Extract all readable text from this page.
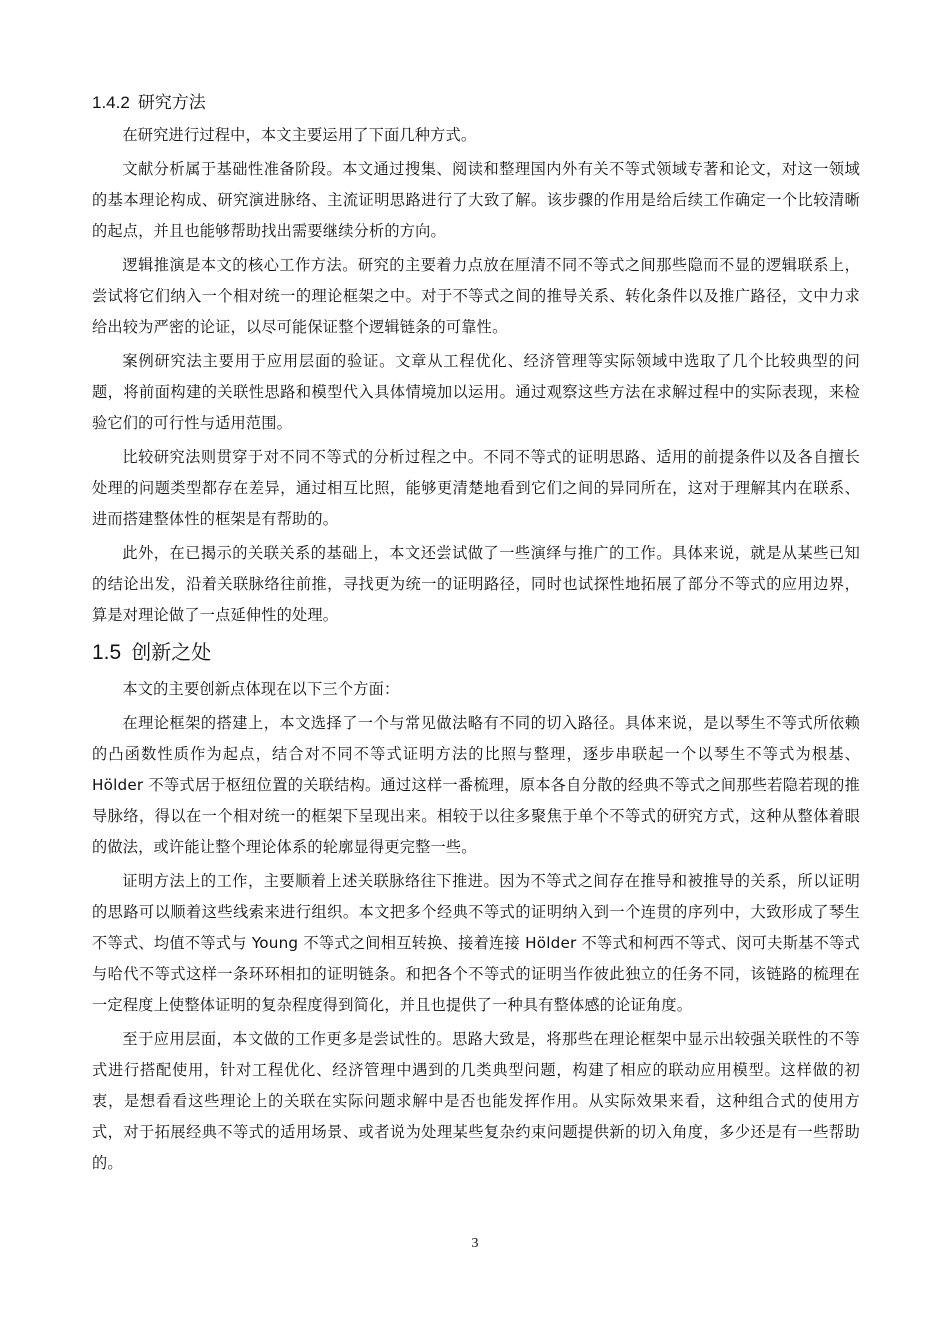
1.4.2 研究方法

在研究进行过程中，本文主要运用了下面几种方式。

文献分析属于基础性准备阶段。本文通过搜集、阅读和整理国内外有关不等式领域专著和论文，对这一领域的基本理论构成、研究演进脉络、主流证明思路进行了大致了解。该步骤的作用是给后续工作确定一个比较清晰的起点，并且也能够帮助找出需要继续分析的方向。

逻辑推演是本文的核心工作方法。研究的主要着力点放在厘清不同不等式之间那些隐而不显的逻辑联系上，尝试将它们纳入一个相对统一的理论框架之中。对于不等式之间的推导关系、转化条件以及推广路径，文中力求给出较为严密的论证，以尽可能保证整个逻辑链条的可靠性。

案例研究法主要用于应用层面的验证。文章从工程优化、经济管理等实际领域中选取了几个比较典型的问题，将前面构建的关联性思路和模型代入具体情境加以运用。通过观察这些方法在求解过程中的实际表现，来检验它们的可行性与适用范围。

比较研究法则贯穿于对不同不等式的分析过程之中。不同不等式的证明思路、适用的前提条件以及各自擅长处理的问题类型都存在差异，通过相互比照，能够更清楚地看到它们之间的异同所在，这对于理解其内在联系、进而搭建整体性的框架是有帮助的。

此外，在已揭示的关联关系的基础上，本文还尝试做了一些演绎与推广的工作。具体来说，就是从某些已知的结论出发，沿着关联脉络往前推，寻找更为统一的证明路径，同时也试探性地拓展了部分不等式的应用边界，算是对理论做了一点延伸性的处理。

1.5 创新之处

本文的主要创新点体现在以下三个方面：

在理论框架的搭建上，本文选择了一个与常见做法略有不同的切入路径。具体来说，是以琴生不等式所依赖的凸函数性质作为起点，结合对不同不等式证明方法的比照与整理，逐步串联起一个以琴生不等式为根基、Hölder 不等式居于枢纽位置的关联结构。通过这样一番梳理，原本各自分散的经典不等式之间那些若隐若现的推导脉络，得以在一个相对统一的框架下呈现出来。相较于以往多聚焦于单个不等式的研究方式，这种从整体着眼的做法，或许能让整个理论体系的轮廓显得更完整一些。

证明方法上的工作，主要顺着上述关联脉络往下推进。因为不等式之间存在推导和被推导的关系，所以证明的思路可以顺着这些线索来进行组织。本文把多个经典不等式的证明纳入到一个连贯的序列中，大致形成了琴生不等式、均值不等式与 Young 不等式之间相互转换、接着连接 Hölder 不等式和柯西不等式、闵可夫斯基不等式与哈代不等式这样一条环环相扣的证明链条。和把各个不等式的证明当作彼此独立的任务不同，该链路的梳理在一定程度上使整体证明的复杂程度得到简化，并且也提供了一种具有整体感的论证角度。

至于应用层面，本文做的工作更多是尝试性的。思路大致是，将那些在理论框架中显示出较强关联性的不等式进行搭配使用，针对工程优化、经济管理中遇到的几类典型问题，构建了相应的联动应用模型。这样做的初衷，是想看看这些理论上的关联在实际问题求解中是否也能发挥作用。从实际效果来看，这种组合式的使用方式，对于拓展经典不等式的适用场景、或者说为处理某些复杂约束问题提供新的切入角度，多少还是有一些帮助的。

3
